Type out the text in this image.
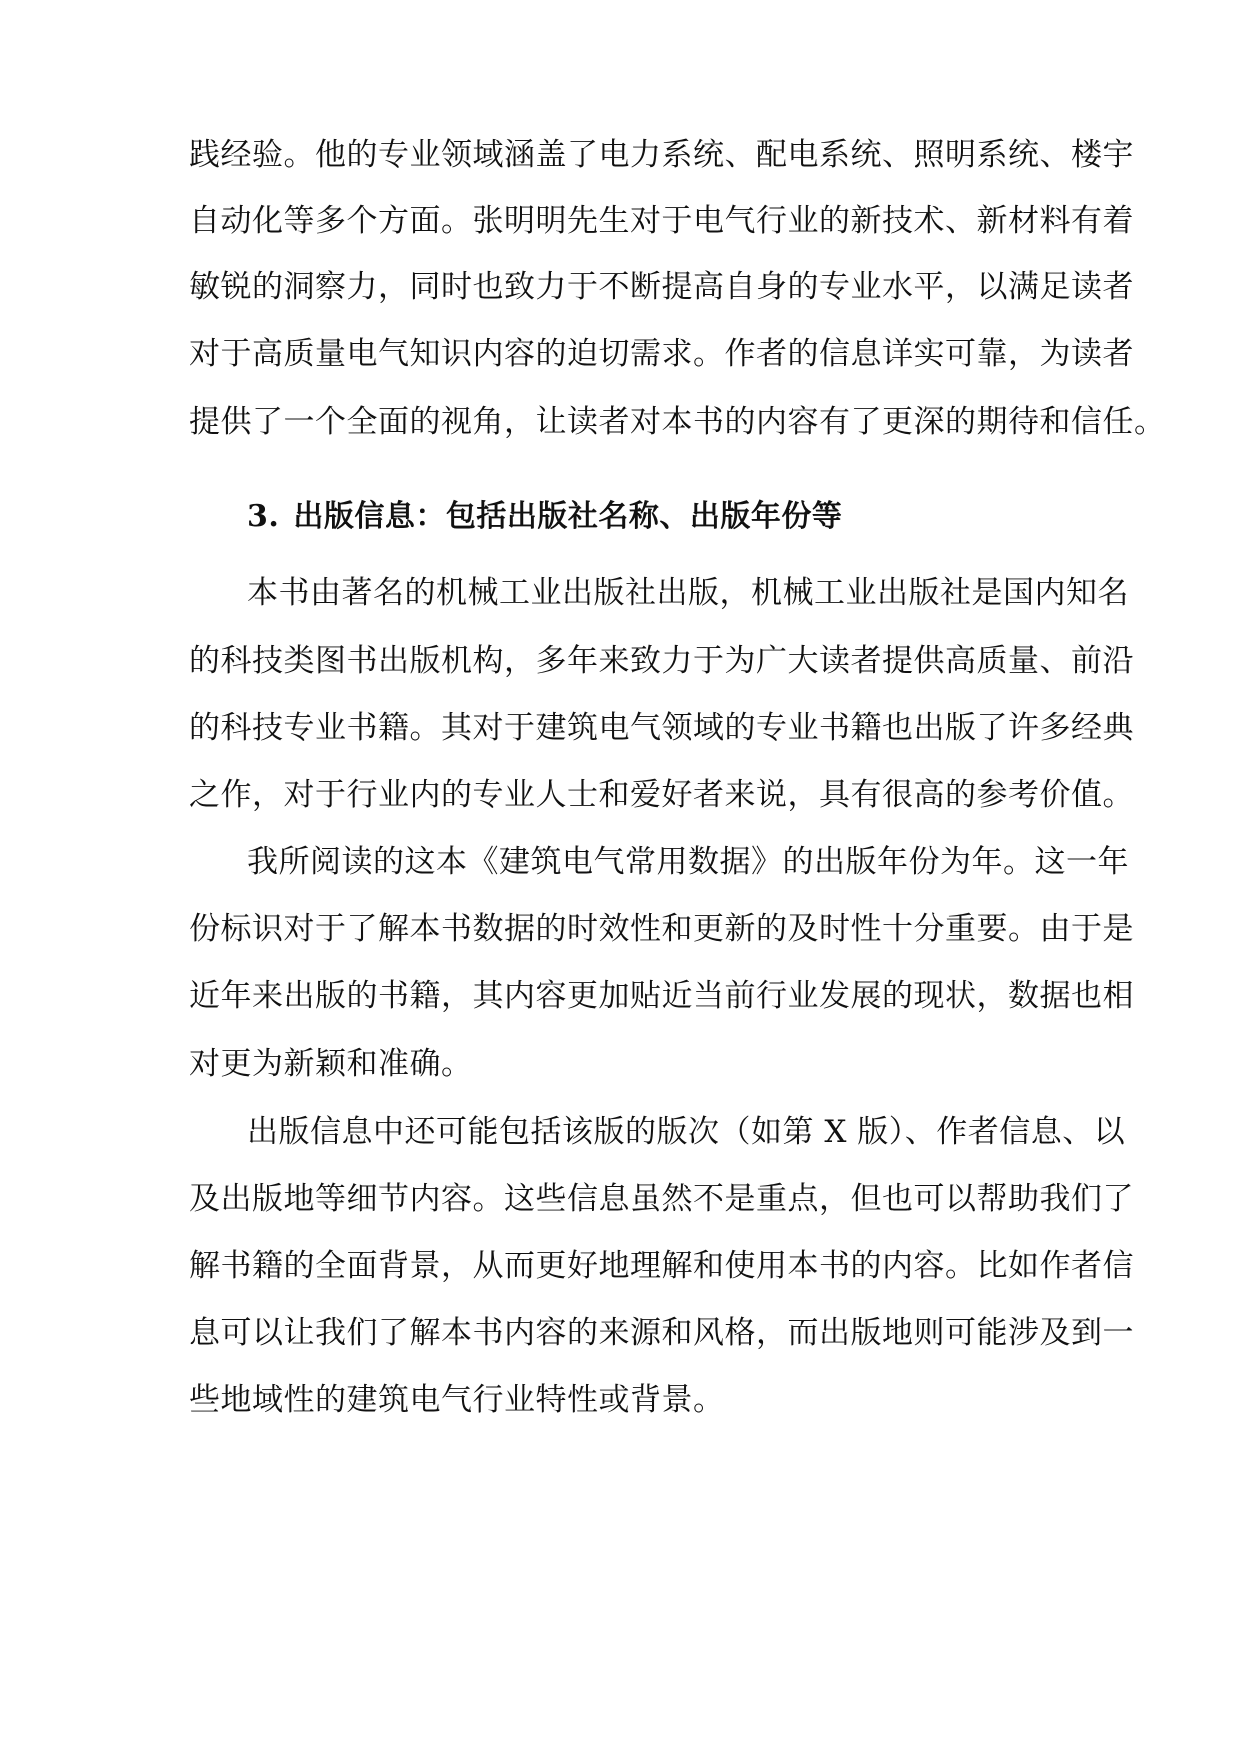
践经验。他的专业领域涵盖了电力系统、配电系统、照明系统、楼宇
自动化等多个方面。张明明先生对于电气行业的新技术、新材料有着
敏锐的洞察力，同时也致力于不断提高自身的专业水平，以满足读者
对于高质量电气知识内容的迫切需求。作者的信息详实可靠，为读者
提供了一个全面的视角，让读者对本书的内容有了更深的期待和信任。
3. 出版信息：包括出版社名称、出版年份等
本书由著名的机械工业出版社出版，机械工业出版社是国内知名
的科技类图书出版机构，多年来致力于为广大读者提供高质量、前沿
的科技专业书籍。其对于建筑电气领域的专业书籍也出版了许多经典
之作，对于行业内的专业人士和爱好者来说，具有很高的参考价值。
我所阅读的这本《建筑电气常用数据》的出版年份为年。这一年
份标识对于了解本书数据的时效性和更新的及时性十分重要。由于是
近年来出版的书籍，其内容更加贴近当前行业发展的现状，数据也相
对更为新颖和准确。
出版信息中还可能包括该版的版次（如第 X 版）、作者信息、以
及出版地等细节内容。这些信息虽然不是重点，但也可以帮助我们了
解书籍的全面背景，从而更好地理解和使用本书的内容。比如作者信
息可以让我们了解本书内容的来源和风格，而出版地则可能涉及到一
些地域性的建筑电气行业特性或背景。
